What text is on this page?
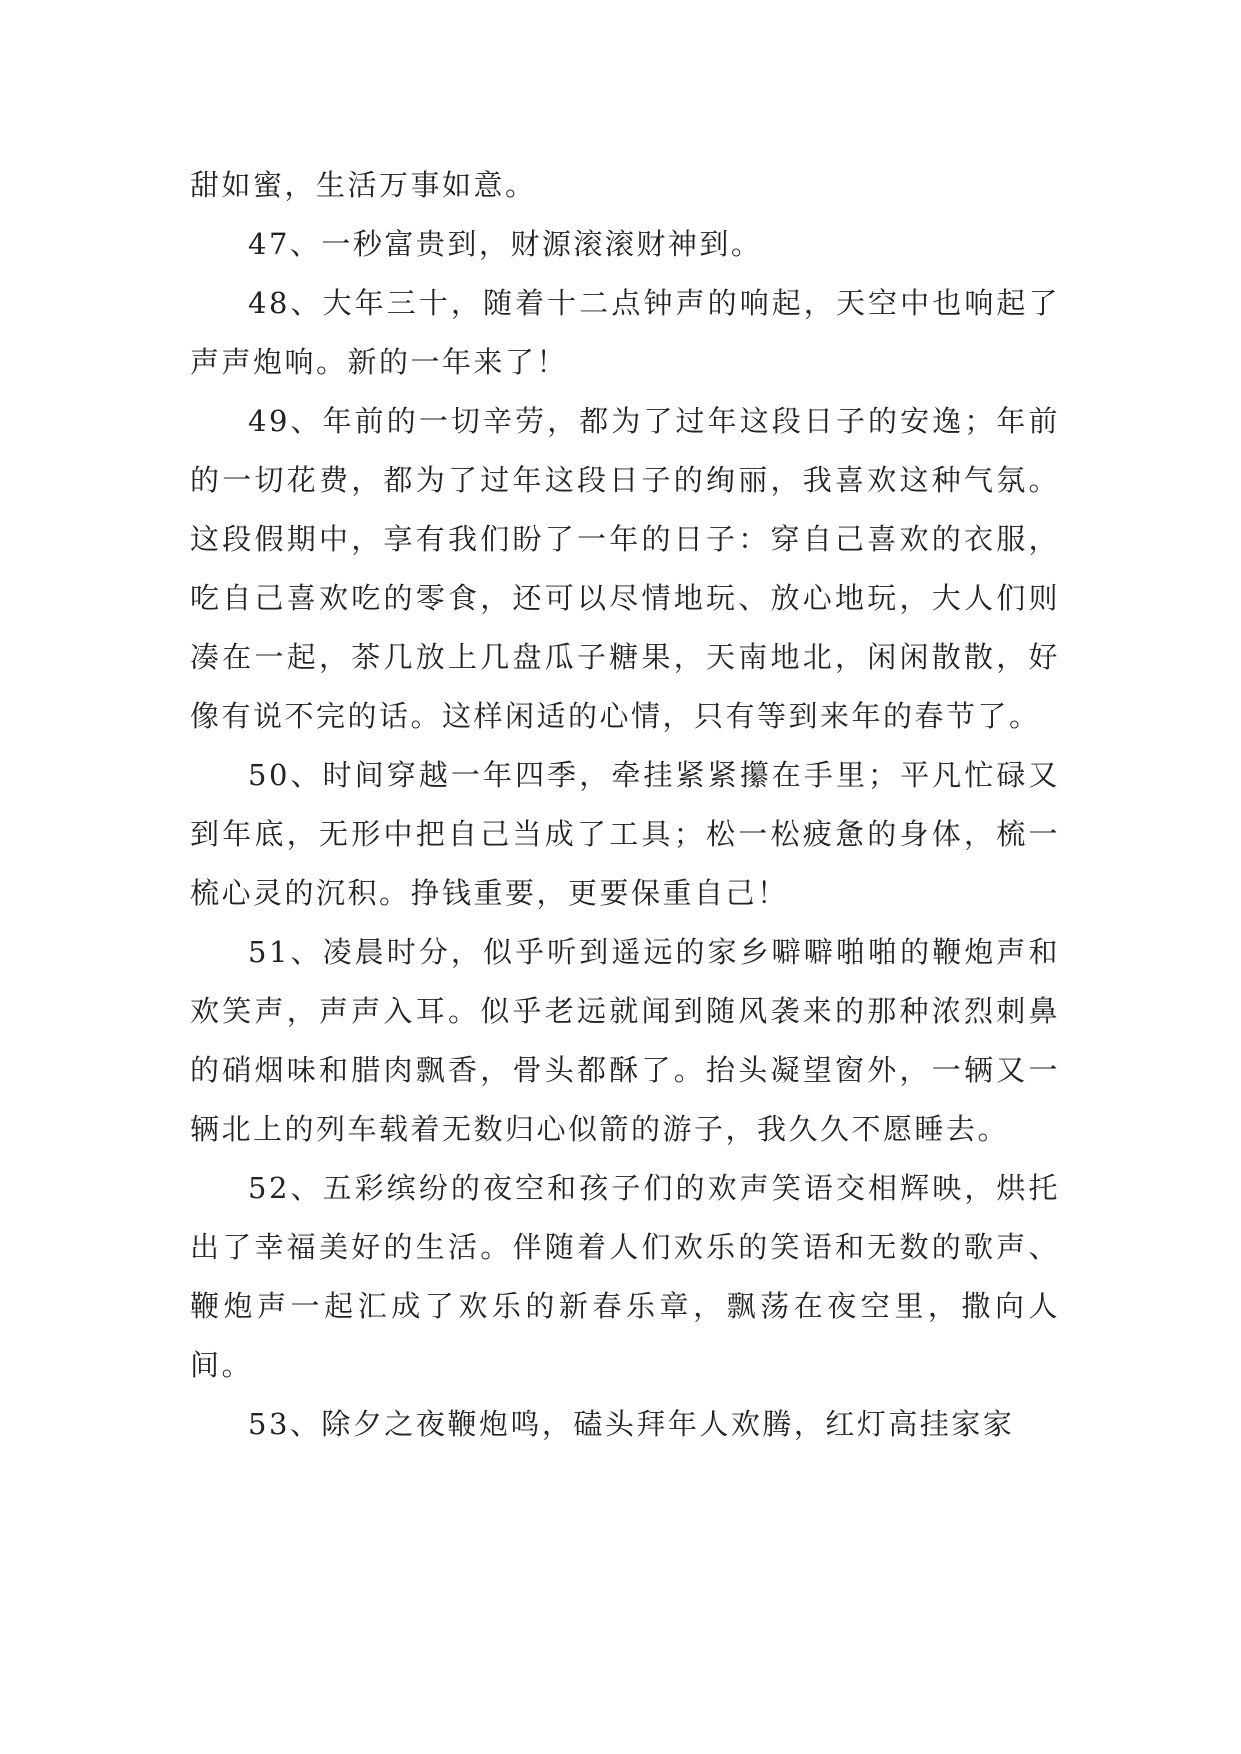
甜如蜜，生活万事如意。

47、一秒富贵到，财源滚滚财神到。

48、大年三十，随着十二点钟声的响起，天空中也响起了声声炮响。新的一年来了！

49、年前的一切辛劳，都为了过年这段日子的安逸；年前的一切花费，都为了过年这段日子的绚丽，我喜欢这种气氛。这段假期中，享有我们盼了一年的日子：穿自己喜欢的衣服，吃自己喜欢吃的零食，还可以尽情地玩、放心地玩，大人们则凑在一起，茶几放上几盘瓜子糖果，天南地北，闲闲散散，好像有说不完的话。这样闲适的心情，只有等到来年的春节了。

50、时间穿越一年四季，牵挂紧紧攥在手里；平凡忙碌又到年底，无形中把自己当成了工具；松一松疲惫的身体，梳一梳心灵的沉积。挣钱重要，更要保重自己！

51、凌晨时分，似乎听到遥远的家乡噼噼啪啪的鞭炮声和欢笑声，声声入耳。似乎老远就闻到随风袭来的那种浓烈刺鼻的硝烟味和腊肉飘香，骨头都酥了。抬头凝望窗外，一辆又一辆北上的列车载着无数归心似箭的游子，我久久不愿睡去。

52、五彩缤纷的夜空和孩子们的欢声笑语交相辉映，烘托出了幸福美好的生活。伴随着人们欢乐的笑语和无数的歌声、鞭炮声一起汇成了欢乐的新春乐章，飘荡在夜空里，撒向人间。

53、除夕之夜鞭炮鸣，磕头拜年人欢腾，红灯高挂家家
